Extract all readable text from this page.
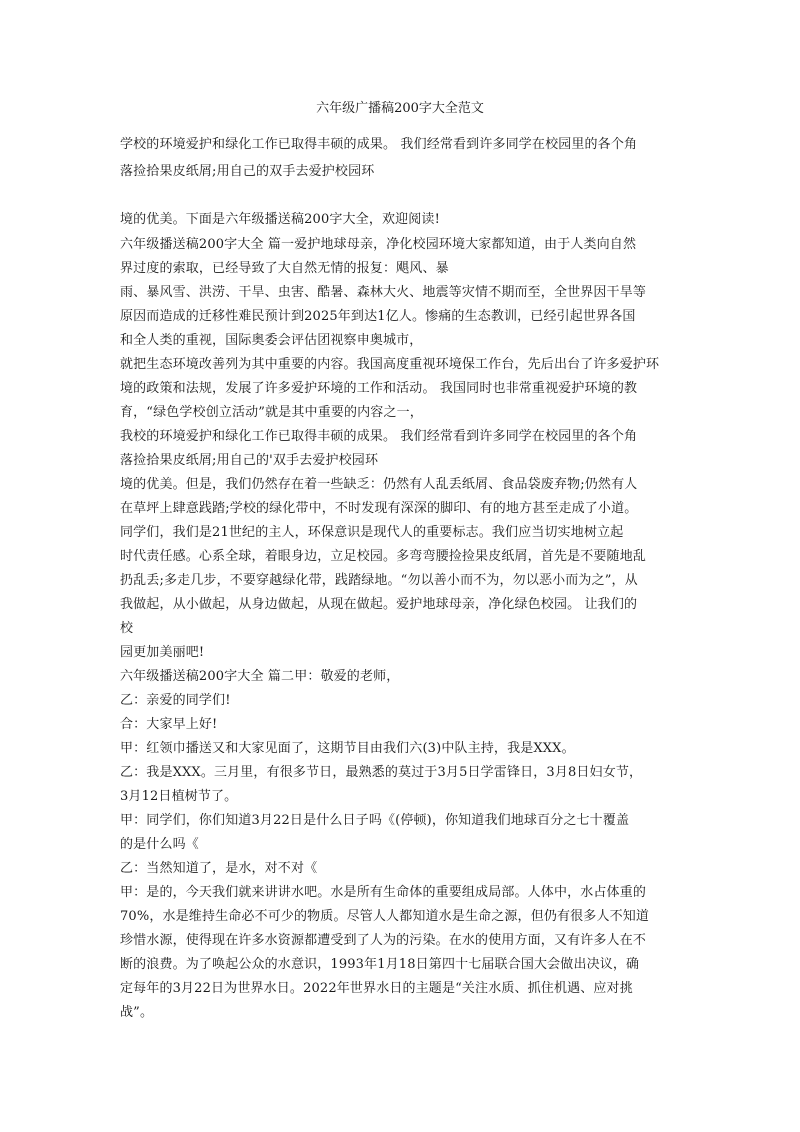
六年级广播稿200字大全范文
学校的环境爱护和绿化工作已取得丰硕的成果。 我们经常看到许多同学在校园里的各个角
落捡拾果皮纸屑;用自己的双手去爱护校园环
境的优美。下面是六年级播送稿200字大全，欢迎阅读!
六年级播送稿200字大全 篇一爱护地球母亲，净化校园环境大家都知道，由于人类向自然
界过度的索取，已经导致了大自然无情的报复：飓风、暴
雨、暴风雪、洪涝、干旱、虫害、酷暑、森林大火、地震等灾情不期而至，全世界因干旱等
原因而造成的迁移性难民预计到2025年到达1亿人。惨痛的生态教训，已经引起世界各国
和全人类的重视，国际奥委会评估团视察申奥城市，
就把生态环境改善列为其中重要的内容。我国高度重视环境保工作台，先后出台了许多爱护环
境的政策和法规，发展了许多爱护环境的工作和活动。 我国同时也非常重视爱护环境的教
育，“绿色学校创立活动”就是其中重要的内容之一，
我校的环境爱护和绿化工作已取得丰硕的成果。 我们经常看到许多同学在校园里的各个角
落捡拾果皮纸屑;用自己的'双手去爱护校园环
境的优美。但是，我们仍然存在着一些缺乏：仍然有人乱丢纸屑、食品袋废弃物;仍然有人
在草坪上肆意践踏;学校的绿化带中，不时发现有深深的脚印、有的地方甚至走成了小道。
同学们，我们是21世纪的主人，环保意识是现代人的重要标志。我们应当切实地树立起
时代责任感。心系全球，着眼身边，立足校园。多弯弯腰捡捡果皮纸屑，首先是不要随地乱
扔乱丢;多走几步，不要穿越绿化带，践踏绿地。“勿以善小而不为，勿以恶小而为之”，从
我做起，从小做起，从身边做起，从现在做起。爱护地球母亲，净化绿色校园。 让我们的
校
园更加美丽吧!
六年级播送稿200字大全 篇二甲：敬爱的老师，
乙：亲爱的同学们!
合：大家早上好!
甲：红领巾播送又和大家见面了，这期节目由我们六(3)中队主持，我是XXX。
乙：我是XXX。三月里，有很多节日，最熟悉的莫过于3月5日学雷锋日，3月8日妇女节，
3月12日植树节了。
甲：同学们，你们知道3月22日是什么日子吗《(停顿)，你知道我们地球百分之七十覆盖
的是什么吗《
乙：当然知道了，是水，对不对《
甲：是的，今天我们就来讲讲水吧。水是所有生命体的重要组成局部。人体中，水占体重的
70%，水是维持生命必不可少的物质。尽管人人都知道水是生命之源，但仍有很多人不知道
珍惜水源，使得现在许多水资源都遭受到了人为的污染。在水的使用方面，又有许多人在不
断的浪费。为了唤起公众的水意识，1993年1月18日第四十七届联合国大会做出决议，确
定每年的3月22日为世界水日。2022年世界水日的主题是“关注水质、抓住机遇、应对挑
战”。
